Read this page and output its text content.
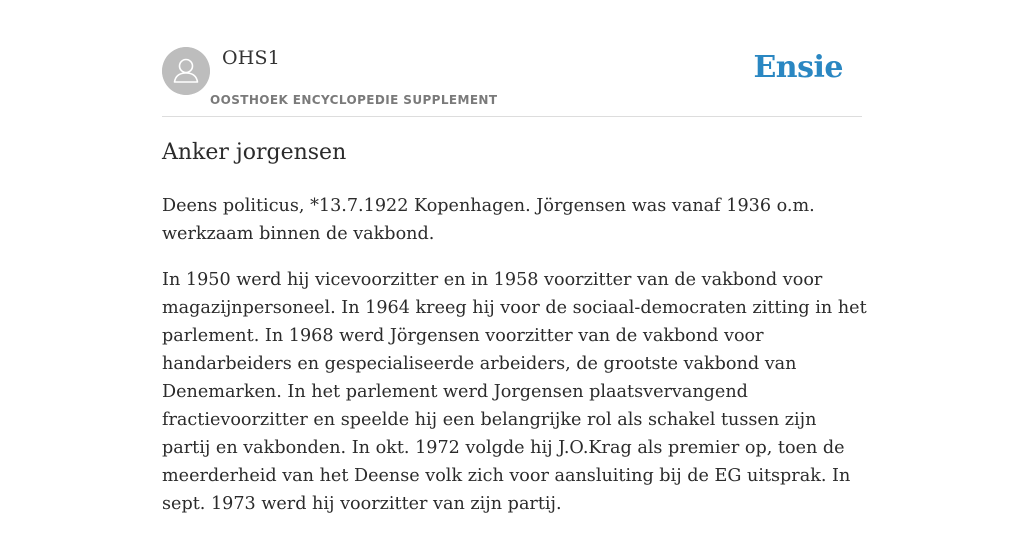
OHS1
OOSTHOEK ENCYCLOPEDIE SUPPLEMENT
Ensie
Anker jorgensen

Deens politicus, *13.7.1922 Kopenhagen. Jörgensen was vanaf 1936 o.m. werkzaam binnen de vakbond.

In 1950 werd hij vicevoorzitter en in 1958 voorzitter van de vakbond voor magazijnpersoneel. In 1964 kreeg hij voor de sociaal-democraten zitting in het parlement. In 1968 werd Jörgensen voorzitter van de vakbond voor handarbeiders en gespecialiseerde arbeiders, de grootste vakbond van Denemarken. In het parlement werd Jorgensen plaatsvervangend fractievoorzitter en speelde hij een belangrijke rol als schakel tussen zijn partij en vakbonden. In okt. 1972 volgde hij J.O.Krag als premier op, toen de meerderheid van het Deense volk zich voor aansluiting bij de EG uitsprak. In sept. 1973 werd hij voorzitter van zijn partij.
